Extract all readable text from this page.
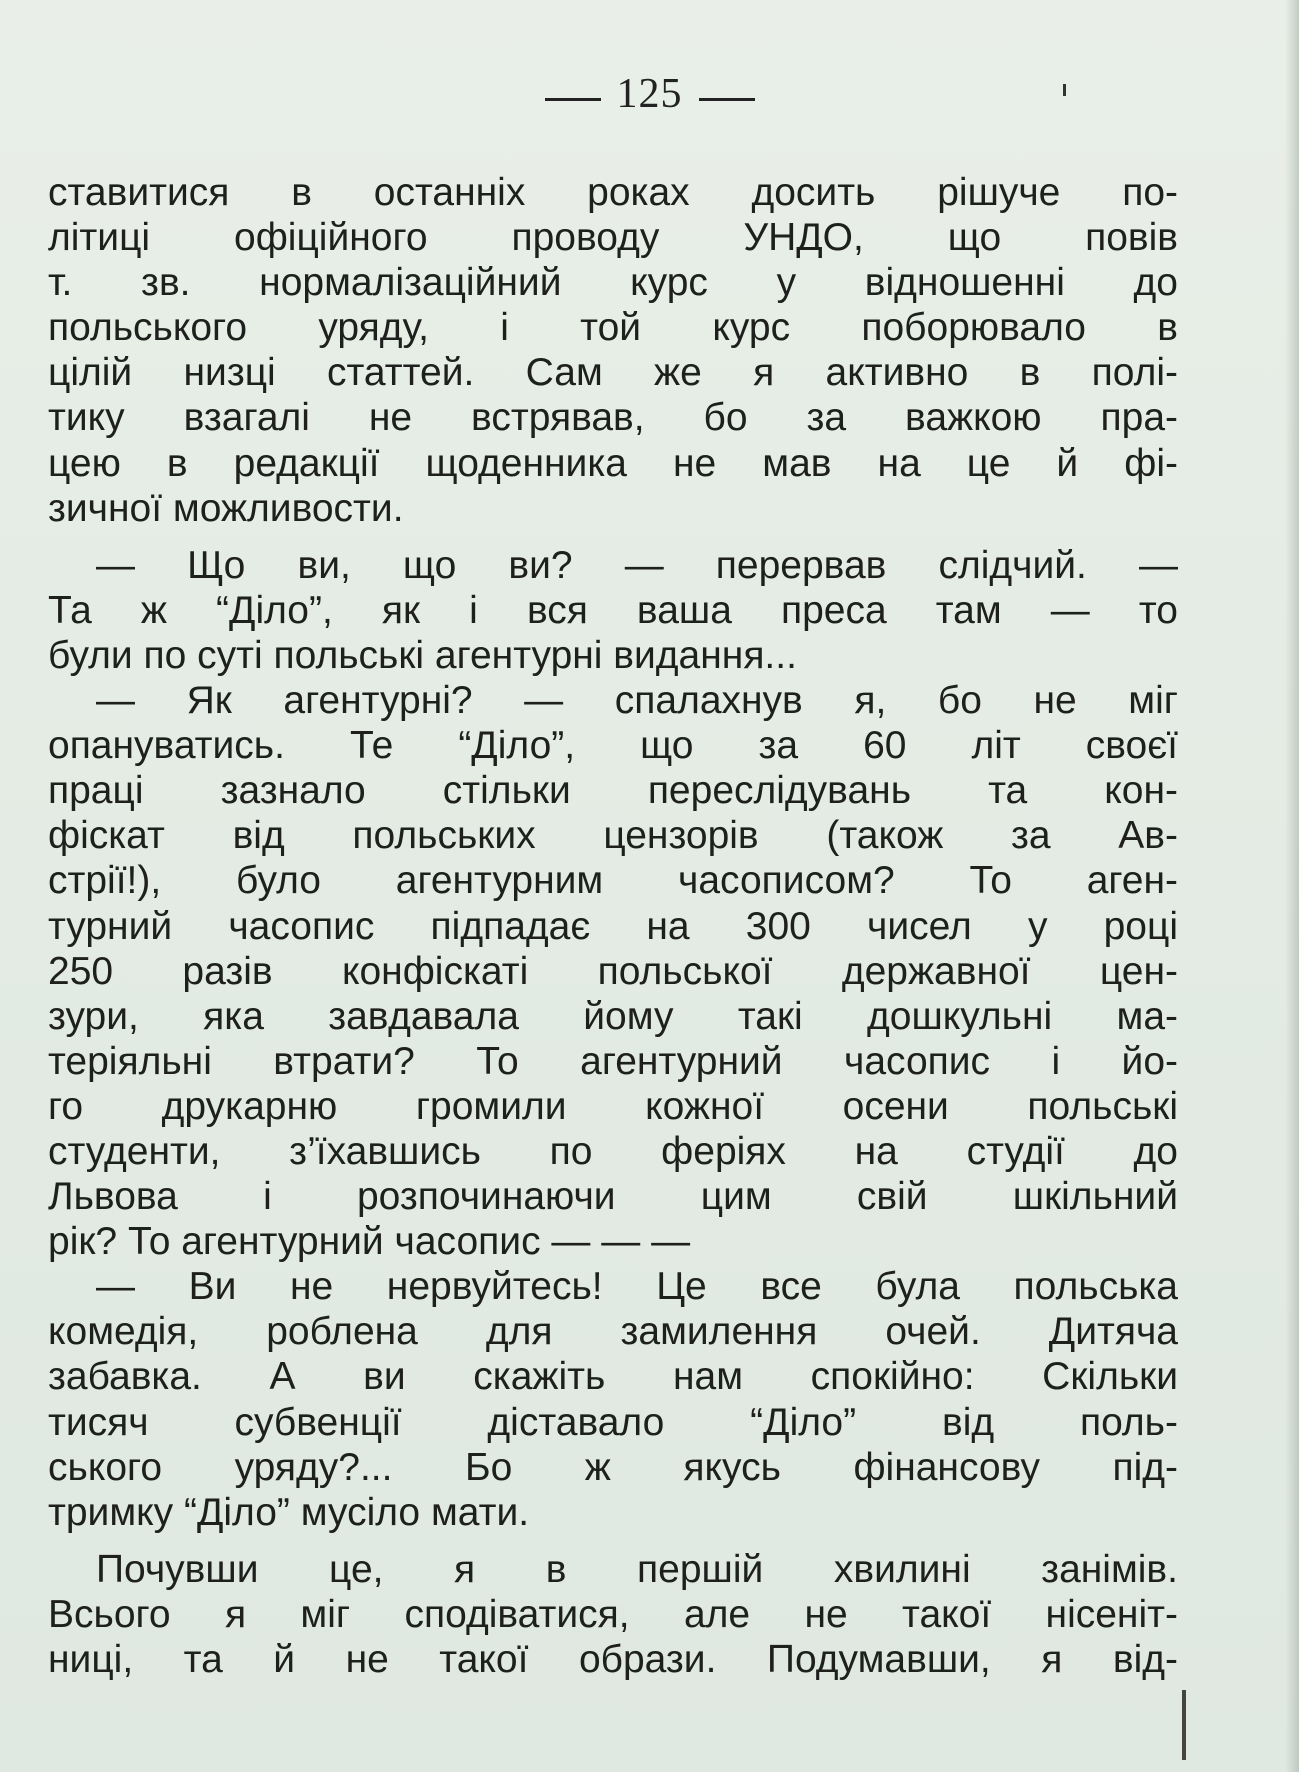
125
ставитися в останніх роках досить рішуче по-
літиці офіційного проводу УНДО, що повів
т. зв. нормалізаційний курс у відношенні до
польського уряду, і той курс поборювало в
цілій низці статтей. Сам же я активно в полі-
тику взагалі не встрявав, бо за важкою пра-
цею в редакції щоденника не мав на це й фі-
зичної можливости.
— Що ви, що ви? — перервав слідчий. —
Та ж “Діло”, як і вся ваша преса там — то
були по суті польські агентурні видання...
— Як агентурні? — спалахнув я, бо не міг
опануватись. Те “Діло”, що за 60 літ своєї
праці зазнало стільки переслідувань та кон-
фіскат від польських цензорів (також за Ав-
стрії!), було агентурним часописом? То аген-
турний часопис підпадає на 300 чисел у році
250 разів конфіскаті польської державної цен-
зури, яка завдавала йому такі дошкульні ма-
теріяльні втрати? То агентурний часопис і йо-
го друкарню громили кожної осени польські
студенти, з’їхавшись по феріях на студії до
Львова і розпочинаючи цим свій шкільний
рік? То агентурний часопис — — —
— Ви не нервуйтесь! Це все була польська
комедія, роблена для замилення очей. Дитяча
забавка. А ви скажіть нам спокійно: Скільки
тисяч субвенції діставало “Діло” від поль-
ського уряду?... Бо ж якусь фінансову під-
тримку “Діло” мусіло мати.
Почувши це, я в першій хвилині занімів.
Всього я міг сподіватися, але не такої нісеніт-
ниці, та й не такої образи. Подумавши, я від-
